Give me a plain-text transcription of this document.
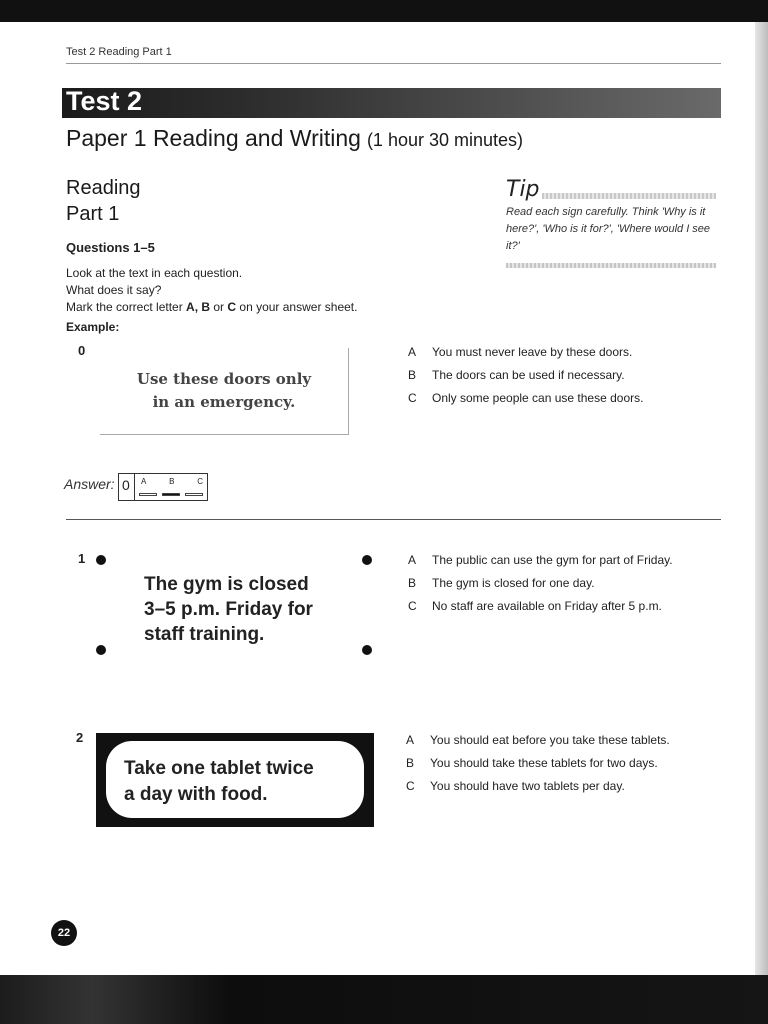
Test 2 Reading Part 1
Test 2
Paper 1 Reading and Writing (1 hour 30 minutes)
Reading
Part 1
Questions 1–5
Look at the text in each question.
What does it say?
Mark the correct letter A, B or C on your answer sheet.
Example:
Tip
Read each sign carefully. Think 'Why is it here?', 'Who is it for?', 'Where would I see it?'
0
Use these doors only
in an emergency.
A	You must never leave by these doors.
B	The doors can be used if necessary.
C	Only some people can use these doors.
Answer: 0 A	B	C
1
The gym is closed
3–5 p.m. Friday for
staff training.
A	The public can use the gym for part of Friday.
B	The gym is closed for one day.
C	No staff are available on Friday after 5 p.m.
2
Take one tablet twice
a day with food.
A	You should eat before you take these tablets.
B	You should take these tablets for two days.
C	You should have two tablets per day.
22
